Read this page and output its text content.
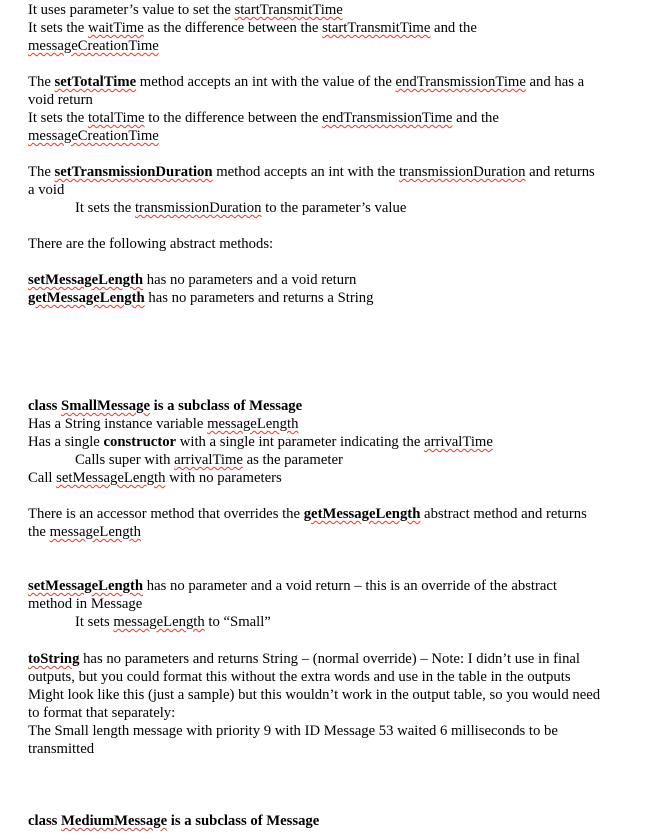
It uses parameter’s value to set the startTransmitTime
It sets the waitTime as the difference between the startTransmitTime and the
messageCreationTime

The setTotalTime method accepts an int with the value of the endTransmissionTime and has a
void return
It sets the totalTime to the difference between the endTransmissionTime and the
messageCreationTime

The setTransmissionDuration method accepts an int with the transmissionDuration and returns
a void
It sets the transmissionDuration to the parameter’s value

There are the following abstract methods:

setMessageLength has no parameters and a void return
getMessageLength has no parameters and returns a String

class SmallMessage is a subclass of Message
Has a String instance variable messageLength
Has a single constructor with a single int parameter indicating the arrivalTime
Calls super with arrivalTime as the parameter
Call setMessageLength with no parameters

There is an accessor method that overrides the getMessageLength abstract method and returns
the messageLength

setMessageLength has no parameter and a void return – this is an override of the abstract
method in Message
It sets messageLength to “Small”

toString has no parameters and returns String – (normal override) – Note: I didn’t use in final
outputs, but you could format this without the extra words and use in the table in the outputs
Might look like this (just a sample) but this wouldn’t work in the output table, so you would need
to format that separately:
The Small length message with priority 9 with ID Message 53 waited 6 milliseconds to be
transmitted

class MediumMessage is a subclass of Message
